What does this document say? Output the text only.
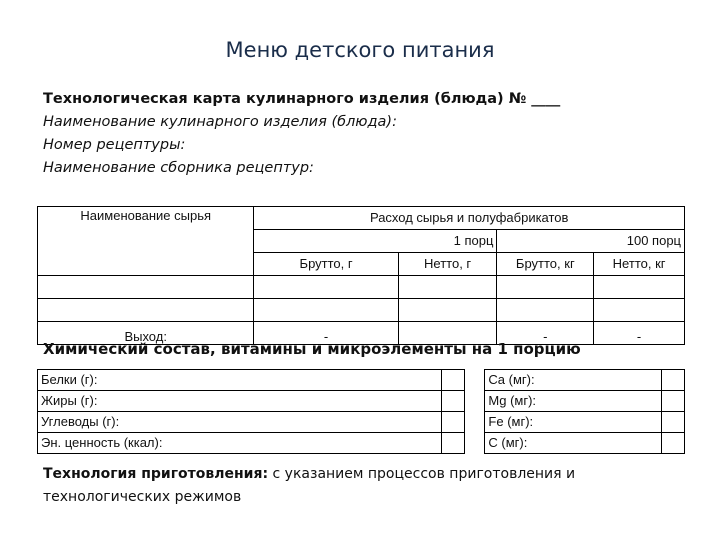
Меню детского питания
Технологическая карта кулинарного изделия (блюда) № ____
Наименование кулинарного изделия (блюда):
Номер рецептуры:
Наименование сборника рецептур:
Наименование сырья	Расход сырья и полуфабрикатов			
		1 порц		100 порц
	Брутто, г	Нетто, г	Брутто, кг	Нетто, кг

Выход:	-		-	-
Химический состав, витамины и микроэлементы на 1 порцию
Белки (г):			Ca (мг):	
Жиры (г):			Mg (мг):	
Углеводы (г):			Fe (мг):	
Эн. ценность (ккал):			C (мг):	
Технология приготовления: с указанием процессов приготовления и технологических режимов
